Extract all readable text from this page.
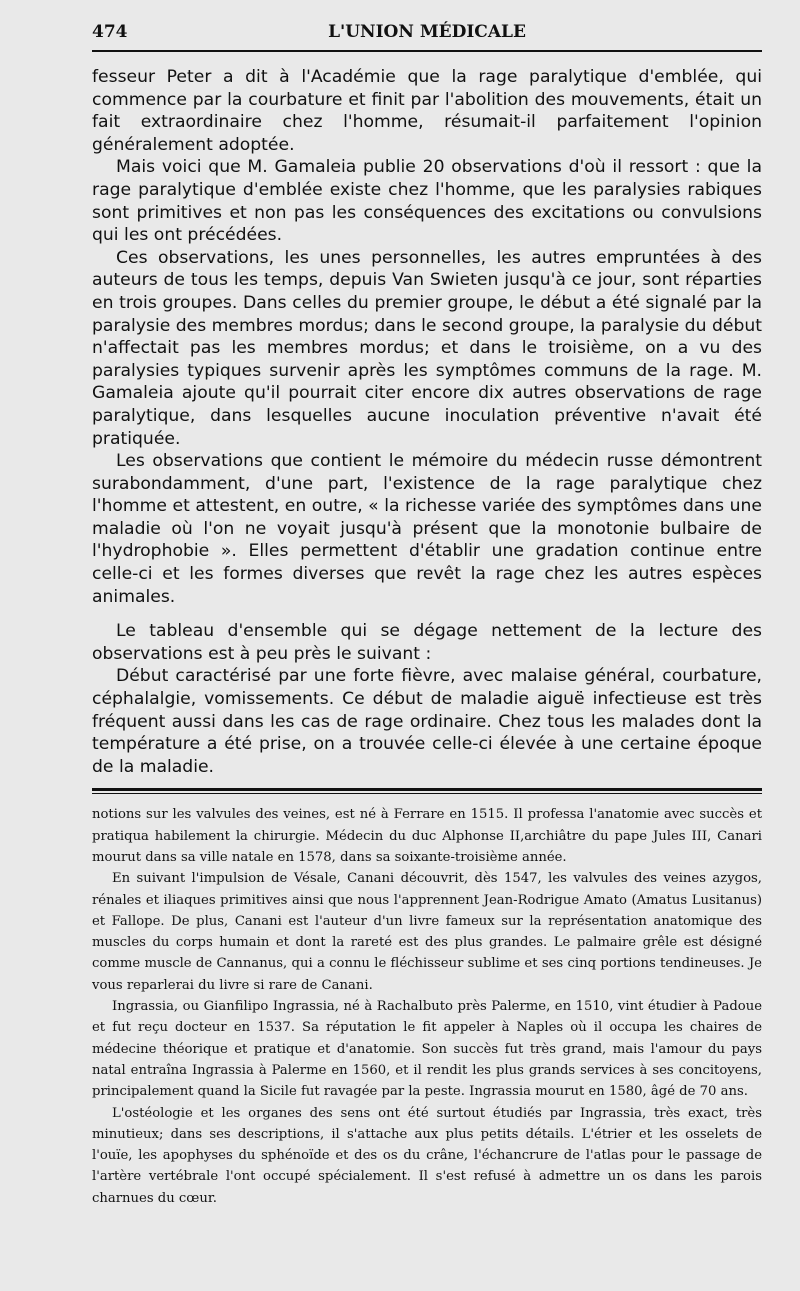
474	L'UNION MÉDICALE

fesseur Peter a dit à l'Académie que la rage paralytique d'emblée, qui commence par la courbature et finit par l'abolition des mouvements, était un fait extraordinaire chez l'homme, résumait-il parfaitement l'opinion généralement adoptée.

Mais voici que M. Gamaleia publie 20 observations d'où il ressort : que la rage paralytique d'emblée existe chez l'homme, que les paralysies rabiques sont primitives et non pas les conséquences des excitations ou convulsions qui les ont précédées.

Ces observations, les unes personnelles, les autres empruntées à des auteurs de tous les temps, depuis Van Swieten jusqu'à ce jour, sont réparties en trois groupes. Dans celles du premier groupe, le début a été signalé par la paralysie des membres mordus; dans le second groupe, la paralysie du début n'affectait pas les membres mordus; et dans le troisième, on a vu des paralysies typiques survenir après les symptômes communs de la rage. M. Gamaleia ajoute qu'il pourrait citer encore dix autres observations de rage paralytique, dans lesquelles aucune inoculation préventive n'avait été pratiquée.

Les observations que contient le mémoire du médecin russe démontrent surabondamment, d'une part, l'existence de la rage paralytique chez l'homme et attestent, en outre, « la richesse variée des symptômes dans une maladie où l'on ne voyait jusqu'à présent que la monotonie bulbaire de l'hydrophobie ». Elles permettent d'établir une gradation continue entre celle-ci et les formes diverses que revêt la rage chez les autres espèces animales.

Le tableau d'ensemble qui se dégage nettement de la lecture des observations est à peu près le suivant :

Début caractérisé par une forte fièvre, avec malaise général, courbature, céphalalgie, vomissements. Ce début de maladie aiguë infectieuse est très fréquent aussi dans les cas de rage ordinaire. Chez tous les malades dont la température a été prise, on a trouvée celle-ci élevée à une certaine époque de la maladie.

notions sur les valvules des veines, est né à Ferrare en 1515. Il professa l'anatomie avec succès et pratiqua habilement la chirurgie. Médecin du duc Alphonse II,archiâtre du pape Jules III, Canari mourut dans sa ville natale en 1578, dans sa soixante-troisième année.

En suivant l'impulsion de Vésale, Canani découvrit, dès 1547, les valvules des veines azygos, rénales et iliaques primitives ainsi que nous l'apprennent Jean-Rodrigue Amato (Amatus Lusitanus) et Fallope. De plus, Canani est l'auteur d'un livre fameux sur la représentation anatomique des muscles du corps humain et dont la rareté est des plus grandes. Le palmaire grêle est désigné comme muscle de Cannanus, qui a connu le fléchisseur sublime et ses cinq portions tendineuses. Je vous reparlerai du livre si rare de Canani.

Ingrassia, ou Gianfilipo Ingrassia, né à Rachalbuto près Palerme, en 1510, vint étudier à Padoue et fut reçu docteur en 1537. Sa réputation le fit appeler à Naples où il occupa les chaires de médecine théorique et pratique et d'anatomie. Son succès fut très grand, mais l'amour du pays natal entraîna Ingrassia à Palerme en 1560, et il rendit les plus grands services à ses concitoyens, principalement quand la Sicile fut ravagée par la peste. Ingrassia mourut en 1580, âgé de 70 ans.

L'ostéologie et les organes des sens ont été surtout étudiés par Ingrassia, très exact, très minutieux; dans ses descriptions, il s'attache aux plus petits détails. L'étrier et les osselets de l'ouïe, les apophyses du sphénoïde et des os du crâne, l'échancrure de l'atlas pour le passage de l'artère vertébrale l'ont occupé spécialement. Il s'est refusé à admettre un os dans les parois charnues du cœur.
